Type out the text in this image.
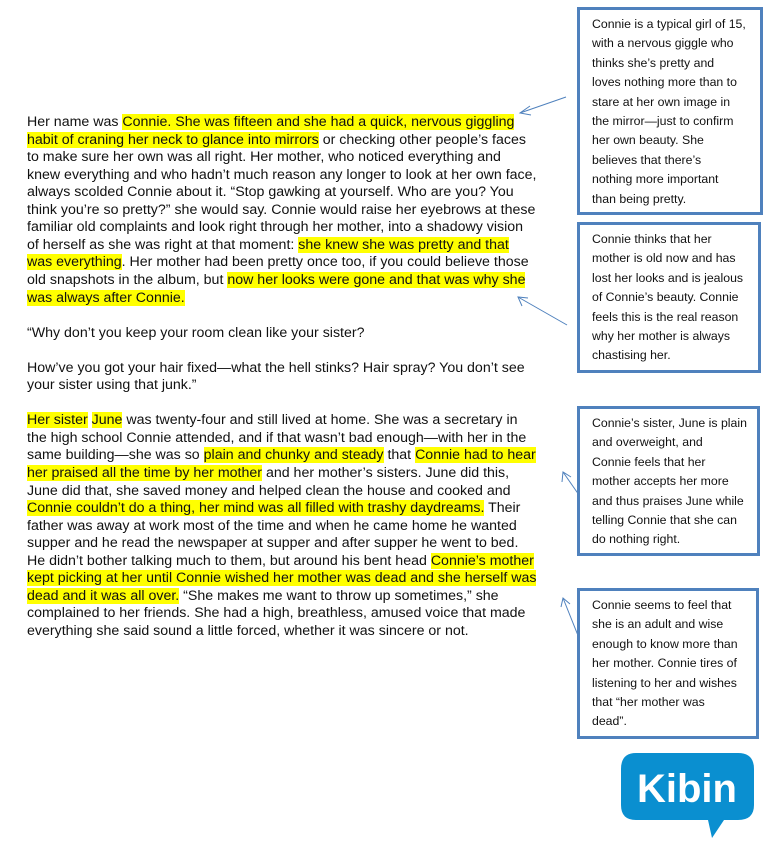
Her name was Connie. She was fifteen and she had a quick, nervous giggling
habit of craning her neck to glance into mirrors or checking other people’s faces
to make sure her own was all right. Her mother, who noticed everything and
knew everything and who hadn’t much reason any longer to look at her own face,
always scolded Connie about it. “Stop gawking at yourself. Who are you? You
think you’re so pretty?” she would say. Connie would raise her eyebrows at these
familiar old complaints and look right through her mother, into a shadowy vision
of herself as she was right at that moment: she knew she was pretty and that
was everything. Her mother had been pretty once too, if you could believe those
old snapshots in the album, but now her looks were gone and that was why she
was always after Connie.
“Why don’t you keep your room clean like your sister?
How’ve you got your hair fixed—what the hell stinks? Hair spray? You don’t see
your sister using that junk.”
Her sister June was twenty-four and still lived at home. She was a secretary in
the high school Connie attended, and if that wasn’t bad enough—with her in the
same building—she was so plain and chunky and steady that Connie had to hear
her praised all the time by her mother and her mother’s sisters. June did this,
June did that, she saved money and helped clean the house and cooked and
Connie couldn’t do a thing, her mind was all filled with trashy daydreams. Their
father was away at work most of the time and when he came home he wanted
supper and he read the newspaper at supper and after supper he went to bed.
He didn’t bother talking much to them, but around his bent head Connie’s mother
kept picking at her until Connie wished her mother was dead and she herself was
dead and it was all over. “She makes me want to throw up sometimes,” she
complained to her friends. She had a high, breathless, amused voice that made
everything she said sound a little forced, whether it was sincere or not.
Connie is a typical girl of 15,
with a nervous giggle who
thinks she’s pretty and
loves nothing more than to
stare at her own image in
the mirror—just to confirm
her own beauty. She
believes that there’s
nothing more important
than being pretty.
Connie thinks that her
mother is old now and has
lost her looks and is jealous
of Connie’s beauty. Connie
feels this is the real reason
why her mother is always
chastising her.
Connie’s sister, June is plain
and overweight, and
Connie feels that her
mother accepts her more
and thus praises June while
telling Connie that she can
do nothing right.
Connie seems to feel that
she is an adult and wise
enough to know more than
her mother. Connie tires of
listening to her and wishes
that “her mother was
dead”.
Kibin
